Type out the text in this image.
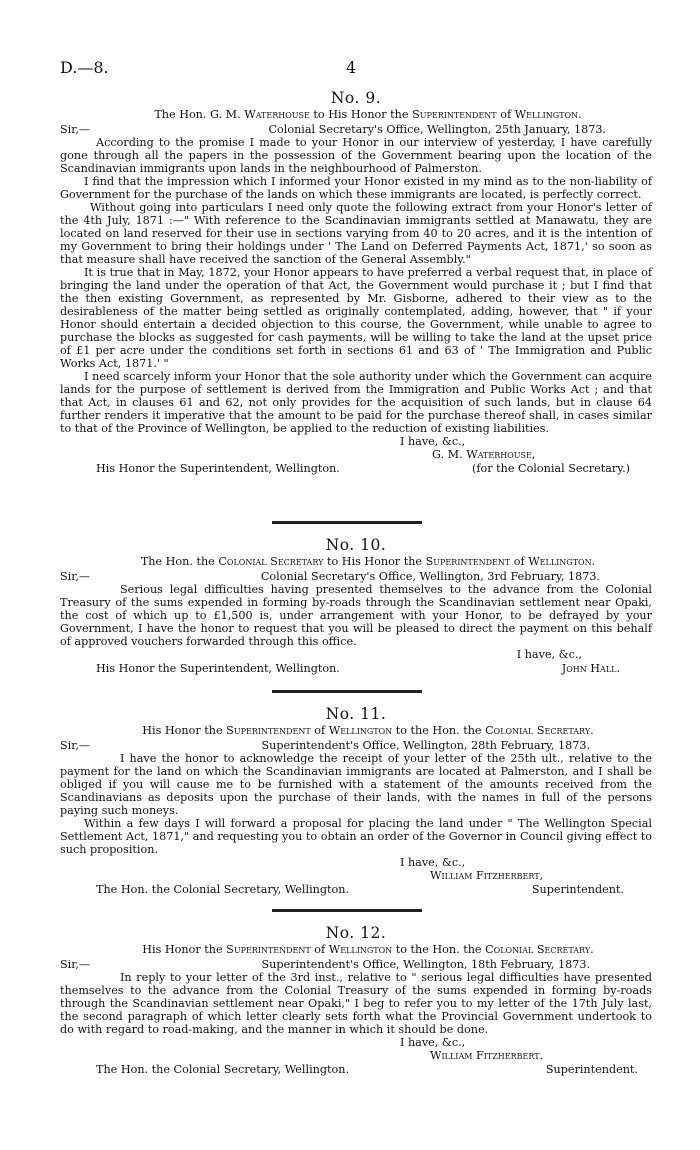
D.—8.	4
No. 9.
The Hon. G. M. Waterhouse to His Honor the Superintendent of Wellington.
Sir,—	Colonial Secretary's Office, Wellington, 25th January, 1873.

According to the promise I made to your Honor in our interview of yesterday, I have carefully gone through all the papers in the possession of the Government bearing upon the location of the Scandinavian immigrants upon lands in the neighbourhood of Palmerston.

I find that the impression which I informed your Honor existed in my mind as to the non-liability of Government for the purchase of the lands on which these immigrants are located, is perfectly correct.

Without going into particulars I need only quote the following extract from your Honor's letter of the 4th July, 1871 :—" With reference to the Scandinavian immigrants settled at Manawatu, they are located on land reserved for their use in sections varying from 40 to 20 acres, and it is the intention of my Government to bring their holdings under ' The Land on Deferred Payments Act, 1871,' so soon as that measure shall have received the sanction of the General Assembly."

It is true that in May, 1872, your Honor appears to have preferred a verbal request that, in place of bringing the land under the operation of that Act, the Government would purchase it ; but I find that the then existing Government, as represented by Mr. Gisborne, adhered to their view as to the desirableness of the matter being settled as originally contemplated, adding, however, that " if your Honor should entertain a decided objection to this course, the Government, while unable to agree to purchase the blocks as suggested for cash payments, will be willing to take the land at the upset price of £1 per acre under the conditions set forth in sections 61 and 63 of ' The Immigration and Public Works Act, 1871.' "

I need scarcely inform your Honor that the sole authority under which the Government can acquire lands for the purpose of settlement is derived from the Immigration and Public Works Act ; and that that Act, in clauses 61 and 62, not only provides for the acquisition of such lands, but in clause 64 further renders it imperative that the amount to be paid for the purchase thereof shall, in cases similar to that of the Province of Wellington, be applied to the reduction of existing liabilities.

I have, &c.,
G. M. Waterhouse,
His Honor the Superintendent, Wellington.	(for the Colonial Secretary.)
No. 10.
The Hon. the Colonial Secretary to His Honor the Superintendent of Wellington.
Sir,—	Colonial Secretary's Office, Wellington, 3rd February, 1873.

Serious legal difficulties having presented themselves to the advance from the Colonial Treasury of the sums expended in forming by-roads through the Scandinavian settlement near Opaki, the cost of which up to £1,500 is, under arrangement with your Honor, to be defrayed by your Government, I have the honor to request that you will be pleased to direct the payment on this behalf of approved vouchers forwarded through this office.

I have, &c.,
His Honor the Superintendent, Wellington.	John Hall.
No. 11.
His Honor the Superintendent of Wellington to the Hon. the Colonial Secretary.
Sir,—	Superintendent's Office, Wellington, 28th February, 1873.

I have the honor to acknowledge the receipt of your letter of the 25th ult., relative to the payment for the land on which the Scandinavian immigrants are located at Palmerston, and I shall be obliged if you will cause me to be furnished with a statement of the amounts received from the Scandinavians as deposits upon the purchase of their lands, with the names in full of the persons paying such moneys.

Within a few days I will forward a proposal for placing the land under " The Wellington Special Settlement Act, 1871," and requesting you to obtain an order of the Governor in Council giving effect to such proposition.

I have, &c.,
William Fitzherbert,
The Hon. the Colonial Secretary, Wellington.	Superintendent.
No. 12.
His Honor the Superintendent of Wellington to the Hon. the Colonial Secretary.
Sir,—	Superintendent's Office, Wellington, 18th February, 1873.

In reply to your letter of the 3rd inst., relative to " serious legal difficulties have presented themselves to the advance from the Colonial Treasury of the sums expended in forming by-roads through the Scandinavian settlement near Opaki," I beg to refer you to my letter of the 17th July last, the second paragraph of which letter clearly sets forth what the Provincial Government undertook to do with regard to road-making, and the manner in which it should be done.

I have, &c.,
William Fitzherbert.
The Hon. the Colonial Secretary, Wellington.	Superintendent.
